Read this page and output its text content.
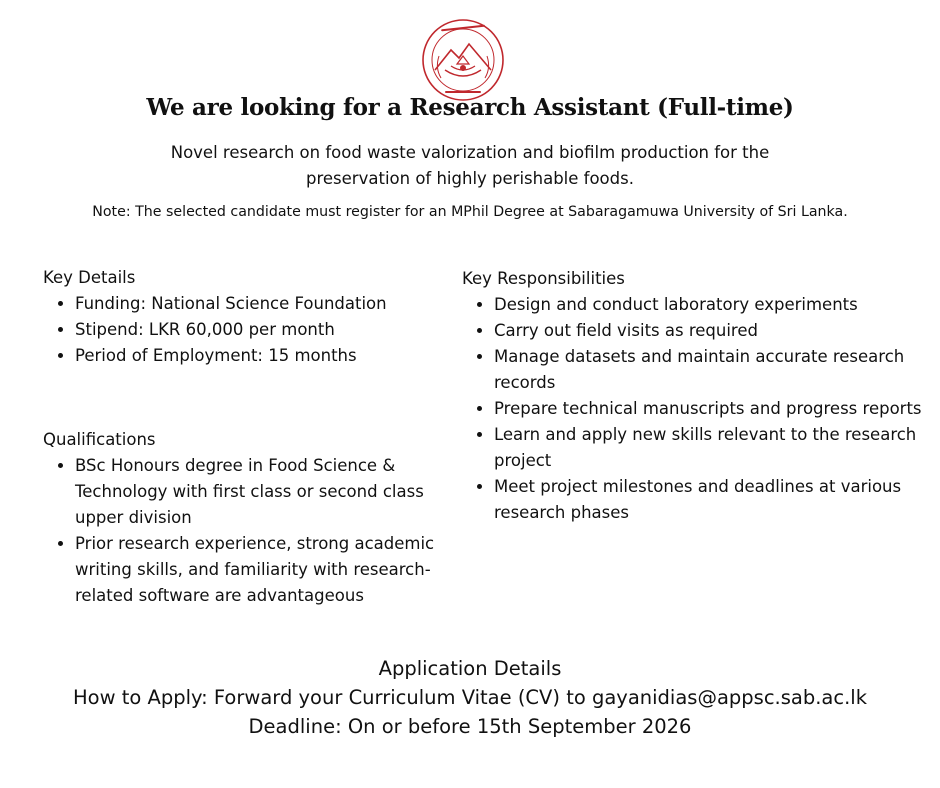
We are looking for a Research Assistant (Full-time)
Novel research on food waste valorization and biofilm production for the
preservation of highly perishable foods.
Note: The selected candidate must register for an MPhil Degree at Sabaragamuwa University of Sri Lanka.
Key Details
• Funding: National Science Foundation
• Stipend: LKR 60,000 per month
• Period of Employment: 15 months
Qualifications
• BSc Honours degree in Food Science & Technology with first class or second class upper division
• Prior research experience, strong academic writing skills, and familiarity with research-related software are advantageous
Key Responsibilities
• Design and conduct laboratory experiments
• Carry out field visits as required
• Manage datasets and maintain accurate research records
• Prepare technical manuscripts and progress reports
• Learn and apply new skills relevant to the research project
• Meet project milestones and deadlines at various research phases
Application Details
How to Apply: Forward your Curriculum Vitae (CV) to gayanidias@appsc.sab.ac.lk
Deadline: On or before 15th September 2026
